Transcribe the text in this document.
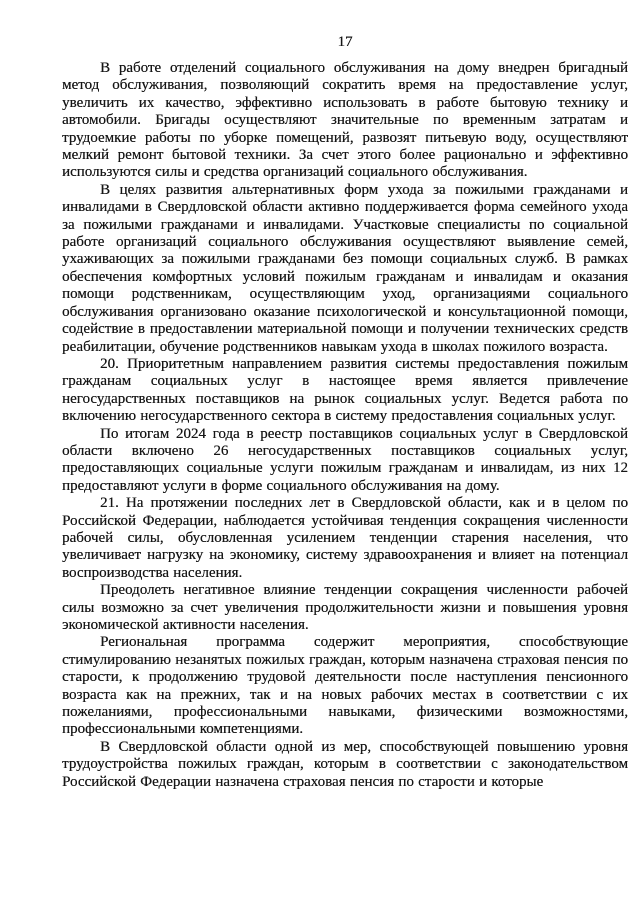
17

В работе отделений социального обслуживания на дому внедрен бригадный метод обслуживания, позволяющий сократить время на предоставление услуг, увеличить их качество, эффективно использовать в работе бытовую технику и автомобили. Бригады осуществляют значительные по временным затратам и трудоемкие работы по уборке помещений, развозят питьевую воду, осуществляют мелкий ремонт бытовой техники. За счет этого более рационально и эффективно используются силы и средства организаций социального обслуживания.

В целях развития альтернативных форм ухода за пожилыми гражданами и инвалидами в Свердловской области активно поддерживается форма семейного ухода за пожилыми гражданами и инвалидами. Участковые специалисты по социальной работе организаций социального обслуживания осуществляют выявление семей, ухаживающих за пожилыми гражданами без помощи социальных служб. В рамках обеспечения комфортных условий пожилым гражданам и инвалидам и оказания помощи родственникам, осуществляющим уход, организациями социального обслуживания организовано оказание психологической и консультационной помощи, содействие в предоставлении материальной помощи и получении технических средств реабилитации, обучение родственников навыкам ухода в школах пожилого возраста.

20. Приоритетным направлением развития системы предоставления пожилым гражданам социальных услуг в настоящее время является привлечение негосударственных поставщиков на рынок социальных услуг. Ведется работа по включению негосударственного сектора в систему предоставления социальных услуг.

По итогам 2024 года в реестр поставщиков социальных услуг в Свердловской области включено 26 негосударственных поставщиков социальных услуг, предоставляющих социальные услуги пожилым гражданам и инвалидам, из них 12 предоставляют услуги в форме социального обслуживания на дому.

21. На протяжении последних лет в Свердловской области, как и в целом по Российской Федерации, наблюдается устойчивая тенденция сокращения численности рабочей силы, обусловленная усилением тенденции старения населения, что увеличивает нагрузку на экономику, систему здравоохранения и влияет на потенциал воспроизводства населения.

Преодолеть негативное влияние тенденции сокращения численности рабочей силы возможно за счет увеличения продолжительности жизни и повышения уровня экономической активности населения.

Региональная программа содержит мероприятия, способствующие стимулированию незанятых пожилых граждан, которым назначена страховая пенсия по старости, к продолжению трудовой деятельности после наступления пенсионного возраста как на прежних, так и на новых рабочих местах в соответствии с их пожеланиями, профессиональными навыками, физическими возможностями, профессиональными компетенциями.

В Свердловской области одной из мер, способствующей повышению уровня трудоустройства пожилых граждан, которым в соответствии с законодательством Российской Федерации назначена страховая пенсия по старости и которые
